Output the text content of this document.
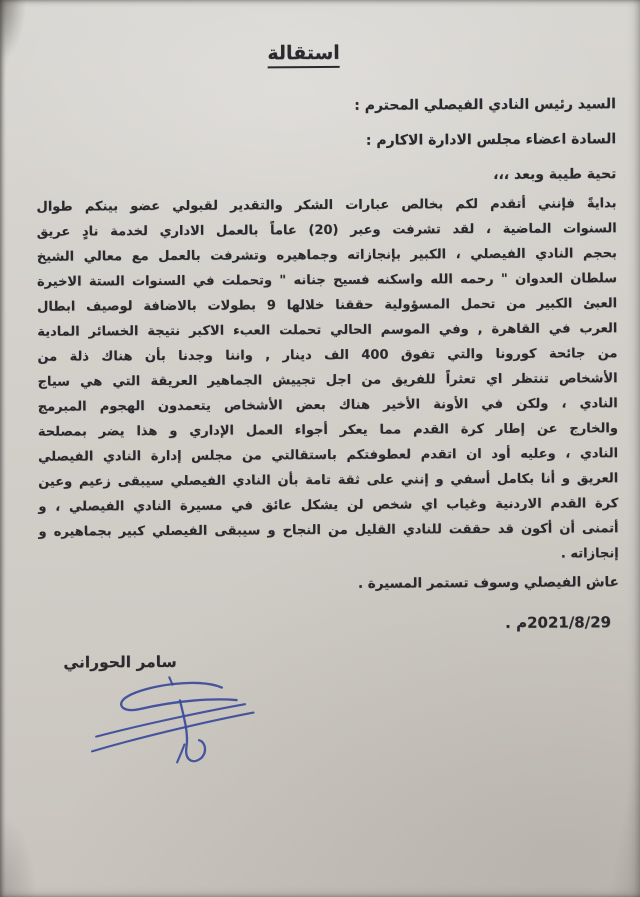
استقالة
السيد رئيس النادي الفيصلي المحترم :
السادة اعضاء مجلس الادارة الاكارم :
تحية طيبة وبعد ،،،
بدايةً فإنني أتقدم لكم بخالص عبارات الشكر والتقدير لقبولي عضو بينكم طوال
السنوات الماضية ، لقد تشرفت وعبر (20) عاماً بالعمل الاداري لخدمة نادٍ عريق
بحجم النادي الفيصلي ، الكبير بإنجازاته وجماهيره وتشرفت بالعمل مع معالي الشيخ
سلطان العدوان " رحمه الله واسكنه فسيح جنانه " وتحملت في السنوات الستة الاخيرة
العبئ الكبير من تحمل المسؤولية حققنا خلالها 9 بطولات بالاضافة لوصيف ابطال
العرب في القاهرة , وفي الموسم الحالي تحملت العبء الاكبر نتيجة الخسائر المادية
من جائحة كورونا والتي تفوق 400 الف دينار , واننا وجدنا بأن هناك ذلة من
الأشخاص تنتظر اي تعثراً للفريق من اجل تجييش الجماهير العريقة التي هي سياج
النادي ، ولكن في الأونة الأخير هناك بعض الأشخاص يتعمدون الهجوم المبرمج
والخارج عن إطار كرة القدم مما يعكر أجواء العمل الإداري و هذا يضر بمصلحة
النادي ، وعليه أود ان اتقدم لعطوفتكم باستقالتي من مجلس إدارة النادي الفيصلي
العريق و أنا بكامل أسفي و إنني على ثقة تامة بأن النادي الفيصلي سيبقى زعيم وعين
كرة القدم الاردنية وغياب اي شخص لن يشكل عائق في مسيرة النادي الفيصلي ، و
أتمنى أن أكون قد حققت للنادي القليل من النجاح و سيبقى الفيصلي كبير بجماهيره و
إنجازاته .
عاش الفيصلي وسوف تستمر المسيرة .
2021/8/29م .
سامر الحوراني
